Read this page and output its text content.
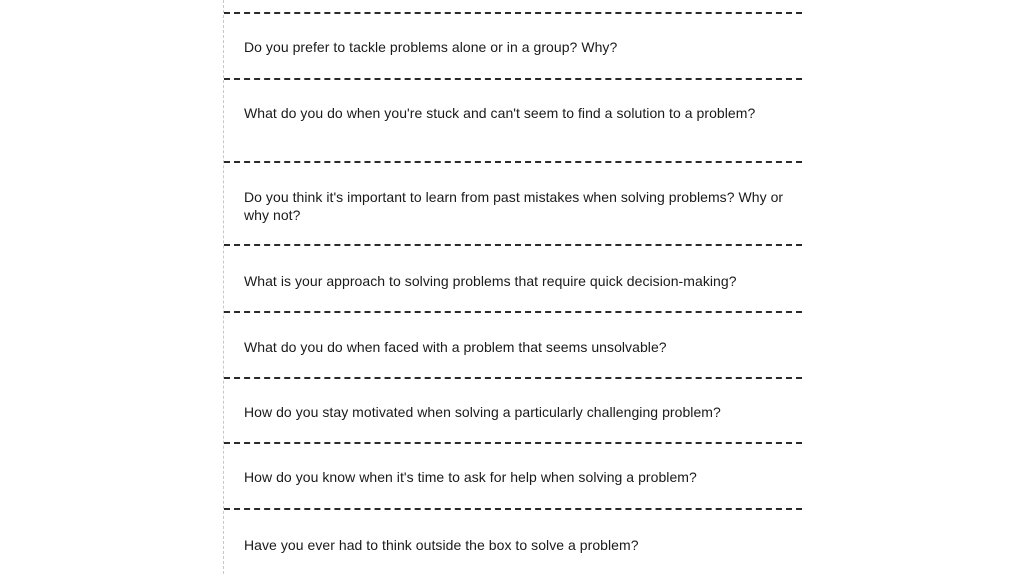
Do you prefer to tackle problems alone or in a group? Why?
What do you do when you're stuck and can't seem to find a solution to a problem?
Do you think it's important to learn from past mistakes when solving problems? Why or why not?
What is your approach to solving problems that require quick decision-making?
What do you do when faced with a problem that seems unsolvable?
How do you stay motivated when solving a particularly challenging problem?
How do you know when it's time to ask for help when solving a problem?
Have you ever had to think outside the box to solve a problem?
